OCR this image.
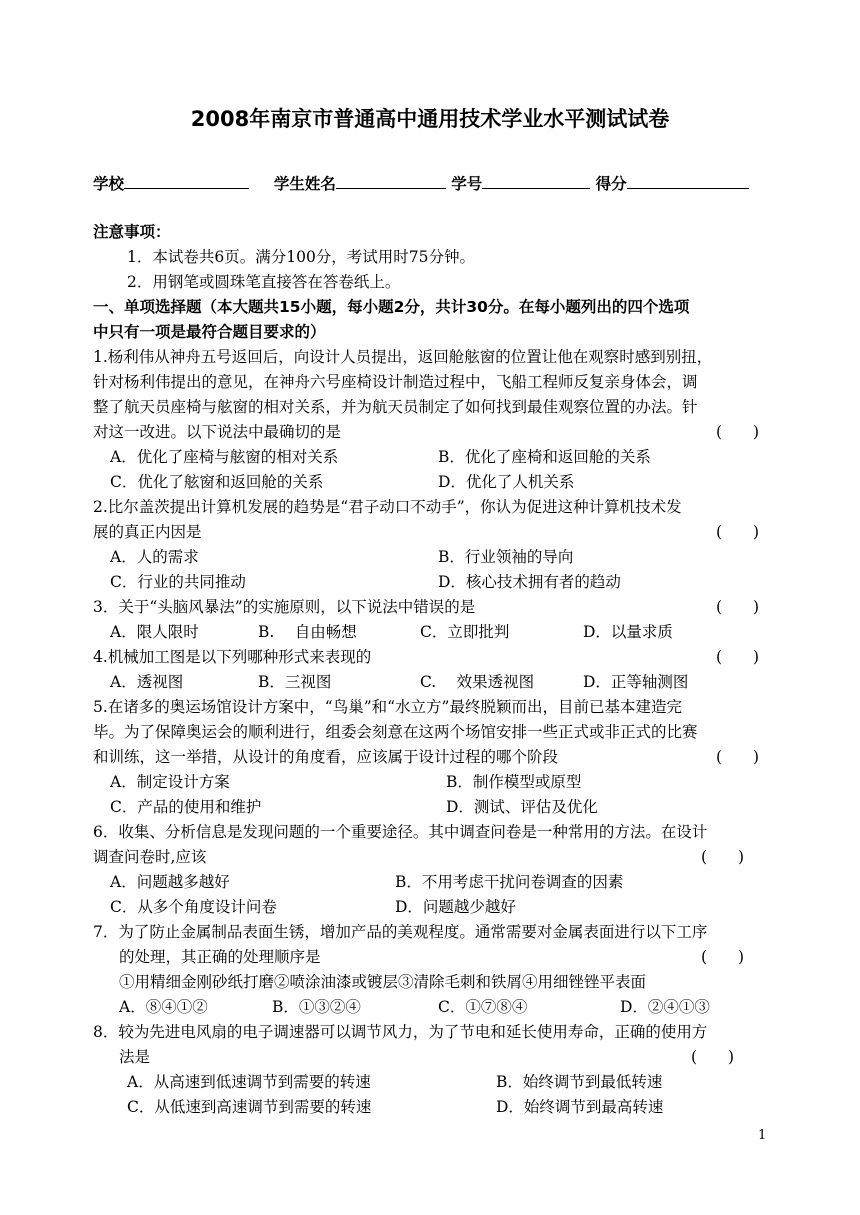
2008年南京市普通高中通用技术学业水平测试试卷
学校	学生姓名	学号	得分
注意事项：
1．本试卷共6页。满分100分，考试用时75分钟。
2．用钢笔或圆珠笔直接答在答卷纸上。
一、单项选择题（本大题共15小题，每小题2分，共计30分。在每小题列出的四个选项
中只有一项是最符合题目要求的）
1.杨利伟从神舟五号返回后，向设计人员提出，返回舱舷窗的位置让他在观察时感到别扭，
针对杨利伟提出的意见，在神舟六号座椅设计制造过程中，飞船工程师反复亲身体会，调
整了航天员座椅与舷窗的相对关系，并为航天员制定了如何找到最佳观察位置的办法。针
对这一改进。以下说法中最确切的是	(　　)
A．优化了座椅与舷窗的相对关系	B．优化了座椅和返回舱的关系
C．优化了舷窗和返回舱的关系	D．优化了人机关系
2.比尔盖茨提出计算机发展的趋势是“君子动口不动手”，你认为促进这种计算机技术发
展的真正内因是	(　　)
A．人的需求	B．行业领袖的导向
C．行业的共同推动	D．核心技术拥有者的趋动
3．关于“头脑风暴法”的实施原则，以下说法中错误的是	(　　)
A．限人限时	B.　 自由畅想	C．立即批判	D．以量求质
4.机械加工图是以下列哪种形式来表现的	(　　)
A．透视图	B．三视图	C.　 效果透视图	D．正等轴测图
5.在诸多的奥运场馆设计方案中，“鸟巢”和“水立方”最终脱颖而出，目前已基本建造完
毕。为了保障奥运会的顺利进行，组委会刻意在这两个场馆安排一些正式或非正式的比赛
和训练，这一举措，从设计的角度看，应该属于设计过程的哪个阶段	(　　)
A．制定设计方案	B．制作模型或原型
C．产品的使用和维护	D．测试、评估及优化
6．收集、分析信息是发现问题的一个重要途径。其中调查问卷是一种常用的方法。在设计
调查问卷时,应该	(　　)
A．问题越多越好	B．不用考虑干扰问卷调查的因素
C．从多个角度设计问卷	D．问题越少越好
7．为了防止金属制品表面生锈，增加产品的美观程度。通常需要对金属表面进行以下工序
的处理，其正确的处理顺序是	(　　)
①用精细金刚砂纸打磨②喷涂油漆或镀层③清除毛刺和铁屑④用细锉锉平表面
A．⑧④①②	B．①③②④	C．①⑦⑧④	D．②④①③
8．较为先进电风扇的电子调速器可以调节风力，为了节电和延长使用寿命，正确的使用方
法是	(　　)
A．从高速到低速调节到需要的转速	B．始终调节到最低转速
C．从低速到高速调节到需要的转速	D．始终调节到最高转速
1
